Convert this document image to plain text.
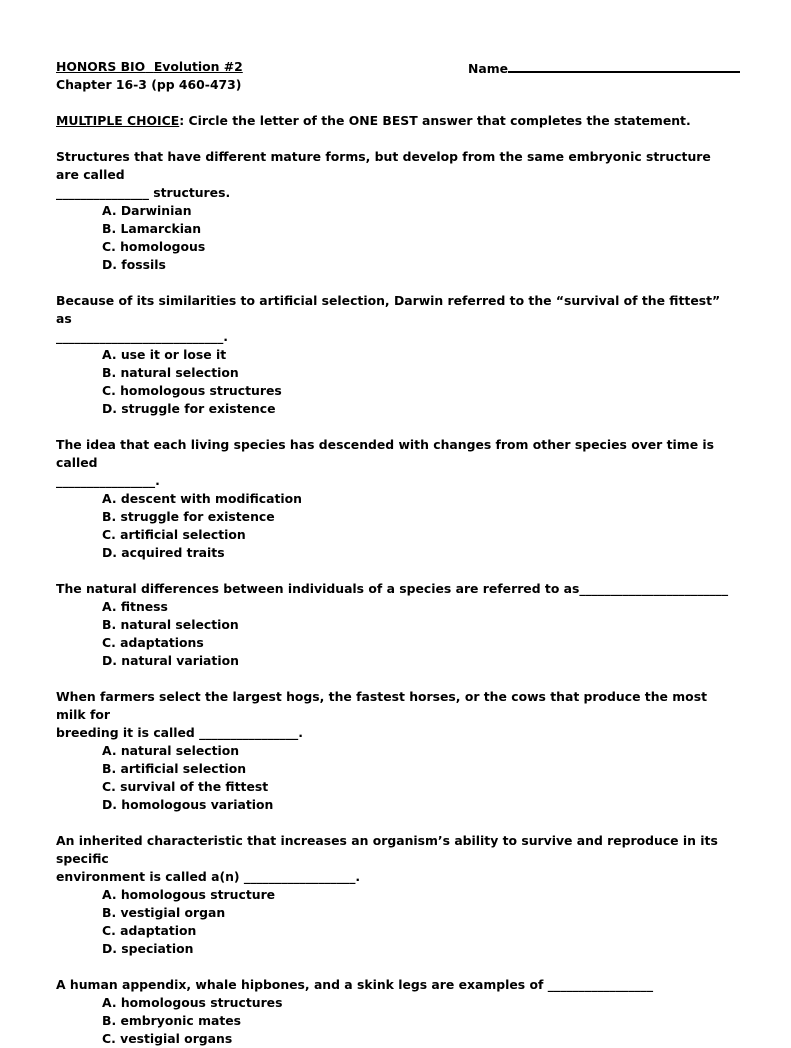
HONORS BIO Evolution #2	Name
Chapter 16-3 (pp 460-473)
MULTIPLE CHOICE: Circle the letter of the ONE BEST answer that completes the statement.
Structures that have different mature forms, but develop from the same embryonic structure are called
_______________ structures.
A. Darwinian
B. Lamarckian
C. homologous
D. fossils
Because of its similarities to artificial selection, Darwin referred to the “survival of the fittest” as
___________________________.
A. use it or lose it
B. natural selection
C. homologous structures
D. struggle for existence
The idea that each living species has descended with changes from other species over time is called
________________.
A. descent with modification
B. struggle for existence
C. artificial selection
D. acquired traits
The natural differences between individuals of a species are referred to as________________________
A. fitness
B. natural selection
C. adaptations
D. natural variation
When farmers select the largest hogs, the fastest horses, or the cows that produce the most milk for
breeding it is called ________________.
A. natural selection
B. artificial selection
C. survival of the fittest
D. homologous variation
An inherited characteristic that increases an organism’s ability to survive and reproduce in its specific
environment is called a(n) __________________.
A. homologous structure
B. vestigial organ
C. adaptation
D. speciation
A human appendix, whale hipbones, and a skink legs are examples of _________________
A. homologous structures
B. embryonic mates
C. vestigial organs
